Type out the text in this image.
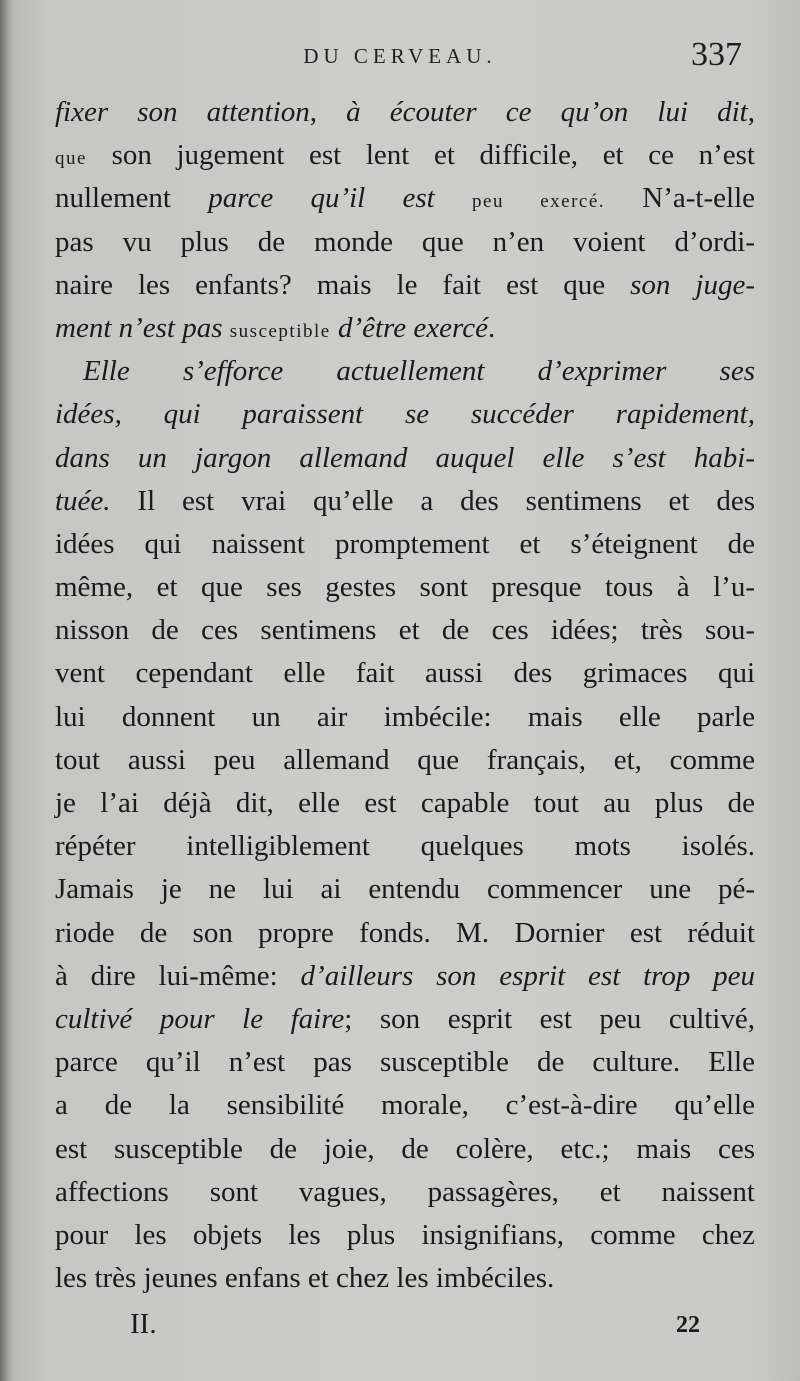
DU CERVEAU.	337
fixer son attention, à écouter ce qu’on lui dit,
que son jugement est lent et difficile, et ce n’est
nullement parce qu’il est peu exercé. N’a-t-elle
pas vu plus de monde que n’en voient d’ordi-
naire les enfants? mais le fait est que son juge-
ment n’est pas susceptible d’être exercé.
Elle s’efforce actuellement d’exprimer ses
idées, qui paraissent se succéder rapidement,
dans un jargon allemand auquel elle s’est habi-
tuée. Il est vrai qu’elle a des sentimens et des
idées qui naissent promptement et s’éteignent de
même, et que ses gestes sont presque tous à l’u-
nisson de ces sentimens et de ces idées; très sou-
vent cependant elle fait aussi des grimaces qui
lui donnent un air imbécile: mais elle parle
tout aussi peu allemand que français, et, comme
je l’ai déjà dit, elle est capable tout au plus de
répéter intelligiblement quelques mots isolés.
Jamais je ne lui ai entendu commencer une pé-
riode de son propre fonds. M. Dornier est réduit
à dire lui-même: d’ailleurs son esprit est trop peu
cultivé pour le faire; son esprit est peu cultivé,
parce qu’il n’est pas susceptible de culture. Elle
a de la sensibilité morale, c’est-à-dire qu’elle
est susceptible de joie, de colère, etc.; mais ces
affections sont vagues, passagères, et naissent
pour les objets les plus insignifians, comme chez
les très jeunes enfans et chez les imbéciles.
II.	22
